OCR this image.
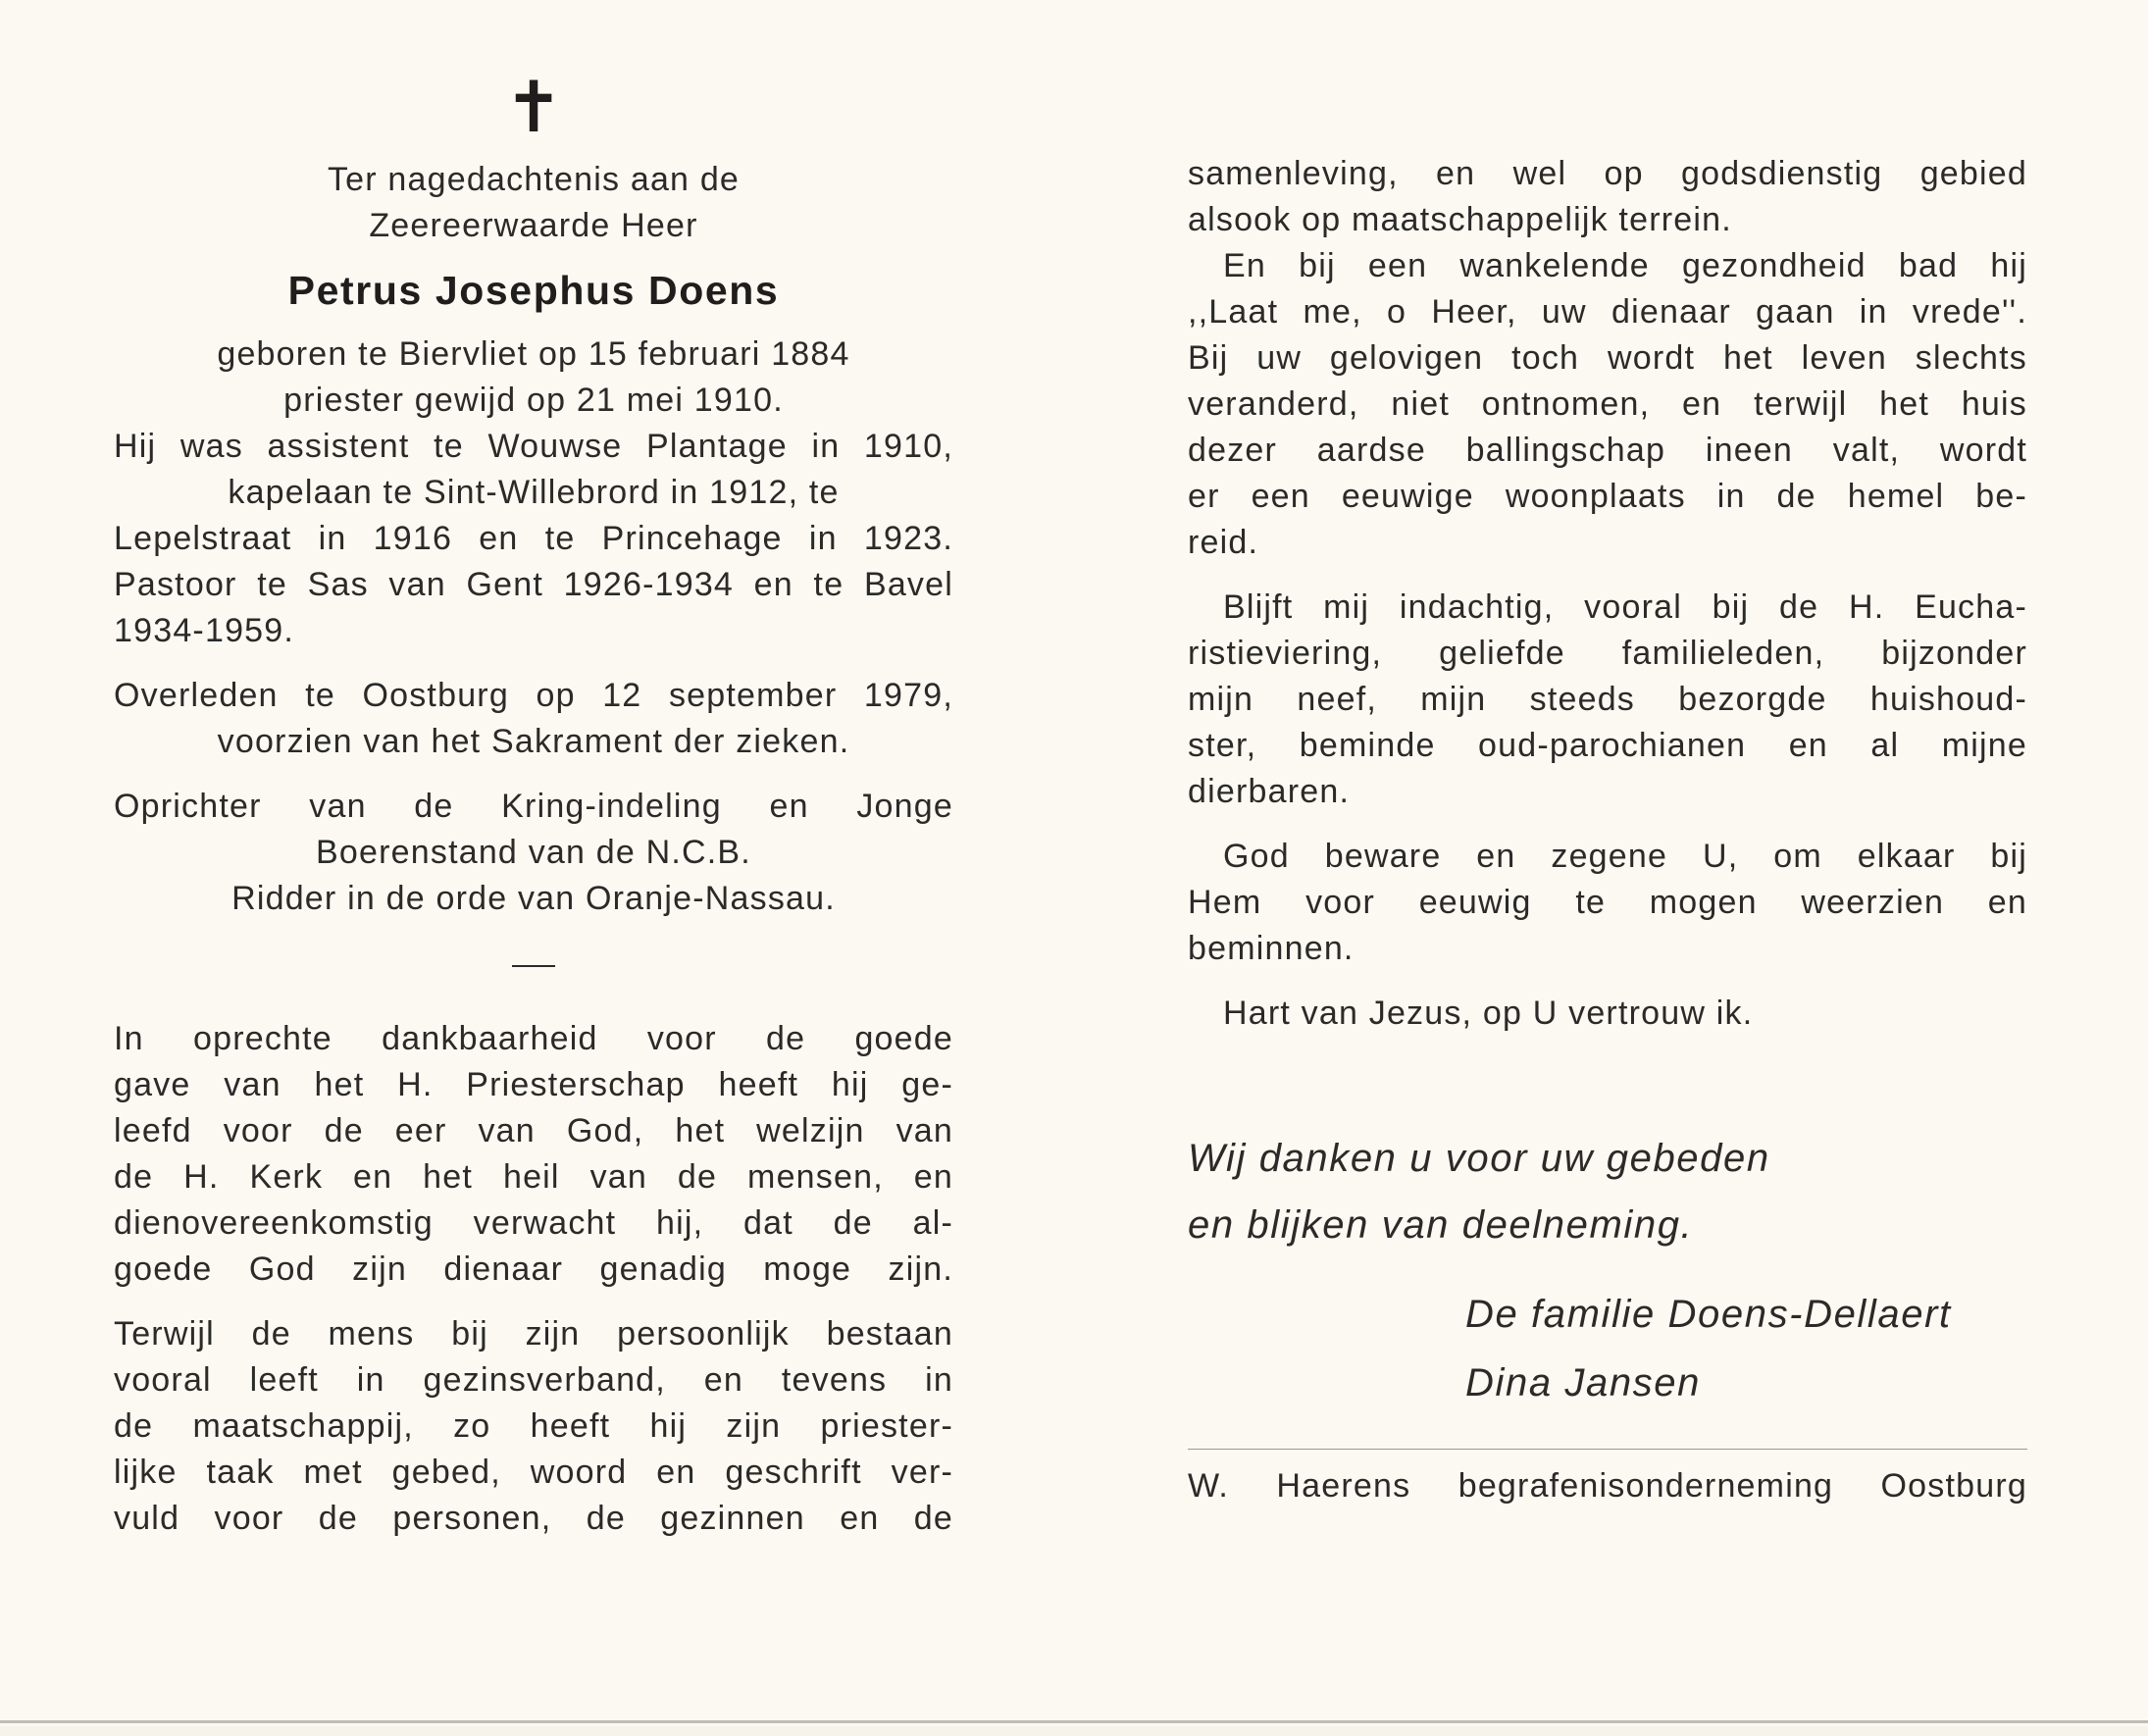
✝
Ter nagedachtenis aan de
Zeereerwaarde Heer
Petrus Josephus Doens
geboren te Biervliet op 15 februari 1884
priester gewijd op 21 mei 1910.
Hij was assistent te Wouwse Plantage in 1910,
kapelaan te Sint-Willebrord in 1912, te
Lepelstraat in 1916 en te Princehage in 1923.
Pastoor te Sas van Gent 1926-1934 en te Bavel
1934-1959.
Overleden te Oostburg op 12 september 1979,
voorzien van het Sakrament der zieken.
Oprichter van de Kring-indeling en Jonge
Boerenstand van de N.C.B.
Ridder in de orde van Oranje-Nassau.
In oprechte dankbaarheid voor de goede
gave van het H. Priesterschap heeft hij ge-
leefd voor de eer van God, het welzijn van
de H. Kerk en het heil van de mensen, en
dienovereenkomstig verwacht hij, dat de al-
goede God zijn dienaar genadig moge zijn.
Terwijl de mens bij zijn persoonlijk bestaan
vooral leeft in gezinsverband, en tevens in
de maatschappij, zo heeft hij zijn priester-
lijke taak met gebed, woord en geschrift ver-
vuld voor de personen, de gezinnen en de
samenleving, en wel op godsdienstig gebied
alsook op maatschappelijk terrein.
En bij een wankelende gezondheid bad hij
,,Laat me, o Heer, uw dienaar gaan in vrede''.
Bij uw gelovigen toch wordt het leven slechts
veranderd, niet ontnomen, en terwijl het huis
dezer aardse ballingschap ineen valt, wordt
er een eeuwige woonplaats in de hemel be-
reid.
Blijft mij indachtig, vooral bij de H. Eucha-
ristieviering, geliefde familieleden, bijzonder
mijn neef, mijn steeds bezorgde huishoud-
ster, beminde oud-parochianen en al mijne
dierbaren.
God beware en zegene U, om elkaar bij
Hem voor eeuwig te mogen weerzien en
beminnen.
Hart van Jezus, op U vertrouw ik.
Wij danken u voor uw gebeden
en blijken van deelneming.
De familie Doens-Dellaert
Dina Jansen
W. Haerens begrafenisonderneming Oostburg
